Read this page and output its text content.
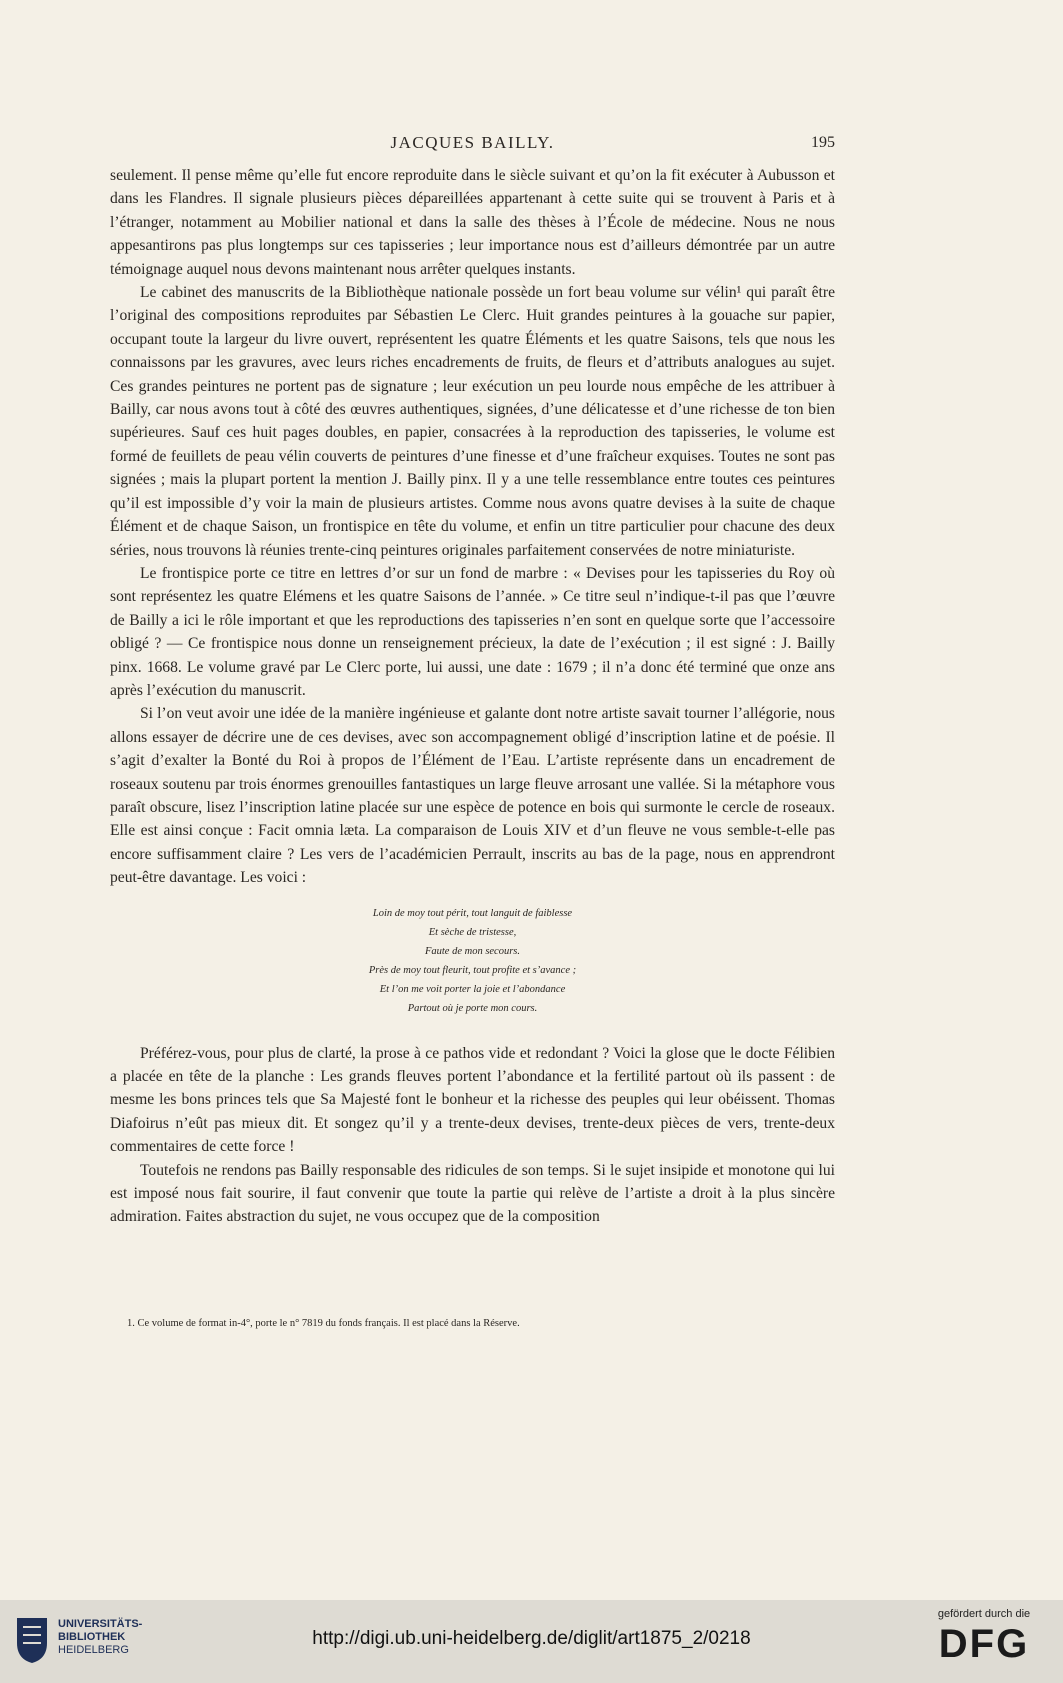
JACQUES BAILLY.	195

seulement. Il pense même qu’elle fut encore reproduite dans le siècle suivant et qu’on la fit exécuter à Aubusson et dans les Flandres. Il signale plusieurs pièces dépareillées appartenant à cette suite qui se trouvent à Paris et à l’étranger, notamment au Mobilier national et dans la salle des thèses à l’École de médecine. Nous ne nous appesantirons pas plus longtemps sur ces tapisseries ; leur importance nous est d’ailleurs démontrée par un autre témoignage auquel nous devons maintenant nous arrêter quelques instants.

Le cabinet des manuscrits de la Bibliothèque nationale possède un fort beau volume sur vélin¹ qui paraît être l’original des compositions reproduites par Sébastien Le Clerc. Huit grandes peintures à la gouache sur papier, occupant toute la largeur du livre ouvert, représentent les quatre Éléments et les quatre Saisons, tels que nous les connaissons par les gravures, avec leurs riches encadrements de fruits, de fleurs et d’attributs analogues au sujet. Ces grandes peintures ne portent pas de signature ; leur exécution un peu lourde nous empêche de les attribuer à Bailly, car nous avons tout à côté des œuvres authentiques, signées, d’une délicatesse et d’une richesse de ton bien supérieures. Sauf ces huit pages doubles, en papier, consacrées à la reproduction des tapisseries, le volume est formé de feuillets de peau vélin couverts de peintures d’une finesse et d’une fraîcheur exquises. Toutes ne sont pas signées ; mais la plupart portent la mention J. Bailly pinx. Il y a une telle ressemblance entre toutes ces peintures qu’il est impossible d’y voir la main de plusieurs artistes. Comme nous avons quatre devises à la suite de chaque Élément et de chaque Saison, un frontispice en tête du volume, et enfin un titre particulier pour chacune des deux séries, nous trouvons là réunies trente-cinq peintures originales parfaitement conservées de notre miniaturiste.

Le frontispice porte ce titre en lettres d’or sur un fond de marbre : « Devises pour les tapisseries du Roy où sont représentez les quatre Elémens et les quatre Saisons de l’année. » Ce titre seul n’indique-t-il pas que l’œuvre de Bailly a ici le rôle important et que les reproductions des tapisseries n’en sont en quelque sorte que l’accessoire obligé ? — Ce frontispice nous donne un renseignement précieux, la date de l’exécution ; il est signé : J. Bailly pinx. 1668. Le volume gravé par Le Clerc porte, lui aussi, une date : 1679 ; il n’a donc été terminé que onze ans après l’exécution du manuscrit.

Si l’on veut avoir une idée de la manière ingénieuse et galante dont notre artiste savait tourner l’allégorie, nous allons essayer de décrire une de ces devises, avec son accompagnement obligé d’inscription latine et de poésie. Il s’agit d’exalter la Bonté du Roi à propos de l’Élément de l’Eau. L’artiste représente dans un encadrement de roseaux soutenu par trois énormes grenouilles fantastiques un large fleuve arrosant une vallée. Si la métaphore vous paraît obscure, lisez l’inscription latine placée sur une espèce de potence en bois qui surmonte le cercle de roseaux. Elle est ainsi conçue : Facit omnia læta. La comparaison de Louis XIV et d’un fleuve ne vous semble-t-elle pas encore suffisamment claire ? Les vers de l’académicien Perrault, inscrits au bas de la page, nous en apprendront peut-être davantage. Les voici :

Loin de moy tout périt, tout languit de faiblesse
Et sèche de tristesse,
Faute de mon secours.
Près de moy tout fleurit, tout profite et s’avance ;
Et l’on me voit porter la joie et l’abondance
Partout où je porte mon cours.

Préférez-vous, pour plus de clarté, la prose à ce pathos vide et redondant ? Voici la glose que le docte Félibien a placée en tête de la planche : Les grands fleuves portent l’abondance et la fertilité partout où ils passent : de mesme les bons princes tels que Sa Majesté font le bonheur et la richesse des peuples qui leur obéissent. Thomas Diafoirus n’eût pas mieux dit. Et songez qu’il y a trente-deux devises, trente-deux pièces de vers, trente-deux commentaires de cette force !

Toutefois ne rendons pas Bailly responsable des ridicules de son temps. Si le sujet insipide et monotone qui lui est imposé nous fait sourire, il faut convenir que toute la partie qui relève de l’artiste a droit à la plus sincère admiration. Faites abstraction du sujet, ne vous occupez que de la composition

1. Ce volume de format in-4°, porte le n° 7819 du fonds français. Il est placé dans la Réserve.
UNIVERSITÄTS-
BIBLIOTHEK
HEIDELBERG
http://digi.ub.uni-heidelberg.de/diglit/art1875_2/0218
gefördert durch die
DFG
